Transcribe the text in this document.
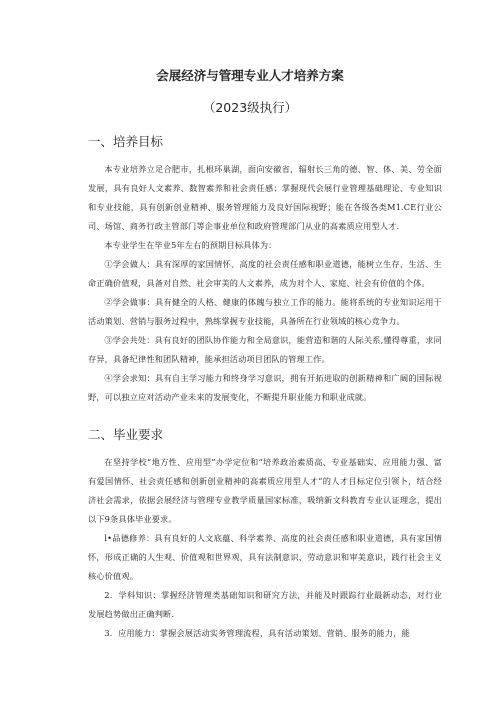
会展经济与管理专业人才培养方案
（2023级执行）
一、培养目标

本专业培养立足合肥市，扎根环巢湖，面向安徽省，辐射长三角的德、智、体、美、劳全面发展，具有良好人文素养、数智素养和社会责任感；掌握现代会展行业管理基础理论、专业知识和专业技能，具有创新创业精神、服务管理能力及良好国际视野；能在各级各类M1.CE行业公司、场馆、商务行政主管部门等企事业单位和政府管理部门从业的高素质应用型人才.

本专业学生在毕业5年左右的预期目标具体为：

①学会做人：具有深厚的家国情怀、高度的社会责任感和职业道德，能树立生存、生活、生命正确价值观，具备对自然、社会审美的人文素养，成为对个人、家庭、社会有价值的个体。

②学会做事：具有健全的人格、健康的体魄与独立工作的能力。能将系统的专业知识运用于活动策划、营销与服务过程中，熟练掌握专业技能，具备所在行业领域的核心竞争力。

③学会共处：具有良好的团队协作能力和全局意识，能营造和谐的人际关系,懂得尊重，求同存异，具备纪律性和团队精神，能承担活动项目团队的管理工作。

④学会求知：具有自主学习能力和终身学习意识，拥有开拓进取的创新精神和广阔的国际视野，可以独立应对活动产业未来的发展变化，不断提升职业能力和职业成就。

二、毕业要求

在坚持学校“地方性、应用型”办学定位和“培养政治素质高、专业基础实、应用能力强、富有爱国情怀、社会责任感和创新创业精神的高素质应用型人才”的人才目标定位引领卜，结合经济社会需求，依据会展经济与管理专业教学质量国家标准，吸纳新文科教育专业认证理念，提出以下9条具体毕业要求。

l•品德修养：具有良好的人文底蕴、科学素养、高度的社会责任感和职业道德，具有家国情怀，形成正确的人生观、价值观和世界观，具有法制意识、劳动意识和审美意识，践行社会主义核心价值观。

2．学科知识：掌握经济管理类基础知识和研究方法，并能及时跟踪行业最新动态，对行业发展趋势做出正确判断.

3．应用能力：掌握会展活动实务管理流程，具有活动策划、营销、服务的能力，能
